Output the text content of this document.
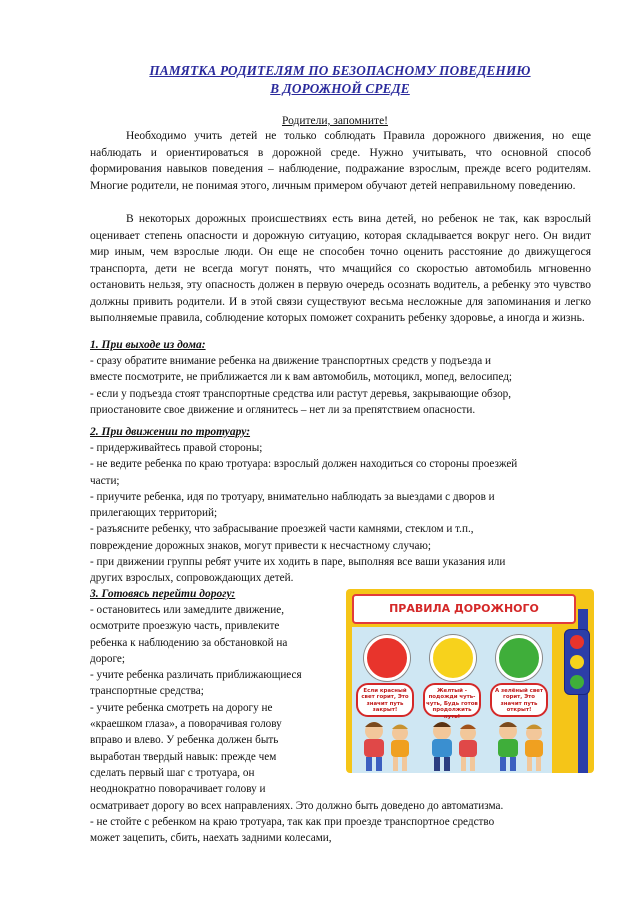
ПАМЯТКА РОДИТЕЛЯМ ПО БЕЗОПАСНОМУ ПОВЕДЕНИЮ
В ДОРОЖНОЙ СРЕДЕ
Родители, запомните!

Необходимо учить детей не только соблюдать Правила дорожного движения, но еще наблюдать и ориентироваться в дорожной среде. Нужно учитывать, что основной способ формирования навыков поведения – наблюдение, подражание взрослым, прежде всего родителям. Многие родители, не понимая этого, личным примером обучают детей неправильному поведению.

В некоторых дорожных происшествиях есть вина детей, но ребенок не так, как взрослый оценивает степень опасности и дорожную ситуацию, которая складывается вокруг него. Он видит мир иным, чем взрослые люди. Он еще не способен точно оценить расстояние до движущегося транспорта, дети не всегда могут понять, что мчащийся со скоростью автомобиль мгновенно остановить нельзя, эту опасность должен в первую очередь осознать водитель, а ребенку это чувство должны привить родители. И в этой связи существуют весьма несложные для запоминания и легко выполняемые правила, соблюдение которых поможет сохранить ребенку здоровье, а иногда и жизнь.

1. При выходе из дома:
- сразу обратите внимание ребенка на движение транспортных средств у подъезда и
вместе посмотрите, не приближается ли к вам автомобиль, мотоцикл, мопед, велосипед;
- если у подъезда стоят транспортные средства или растут деревья, закрывающие обзор,
приостановите свое движение и оглянитесь – нет ли за препятствием опасности.
2. При движении по тротуару:
- придерживайтесь правой стороны;
- не ведите ребенка по краю тротуара: взрослый должен находиться со стороны проезжей
части;
- приучите ребенка, идя по тротуару, внимательно наблюдать за выездами с дворов и
прилегающих территорий;
- разъясните ребенку, что забрасывание проезжей части камнями, стеклом и т.п.,
повреждение дорожных знаков, могут привести к несчастному случаю;
- при движении группы ребят учите их ходить в паре, выполняя все ваши указания или
других взрослых, сопровождающих детей.
3. Готовясь перейти дорогу:
- остановитесь или замедлите движение,
осмотрите проезжую часть, привлеките
ребенка к наблюдению за обстановкой на
дороге;
- учите ребенка различать приближающиеся
транспортные средства;
- учите ребенка смотреть на дорогу не
«краешком глаза», а поворачивая голову
вправо и влево. У ребенка должен быть
выработан твердый навык: прежде чем
сделать первый шаг с тротуара, он
неоднократно поворачивает голову и
осматривает дорогу во всех направлениях. Это должно быть доведено до автоматизма.
- не стойте с ребенком на краю тротуара, так как при проезде транспортное средство
может зацепить, сбить, наехать задними колесами,
ПРАВИЛА ДОРОЖНОГО
Если красный свет горит, Это значит путь закрыт!
Желтый - подожди чуть-чуть, Будь готов продолжить путь!
А зелёный свет горит, Это значит путь открыт!
